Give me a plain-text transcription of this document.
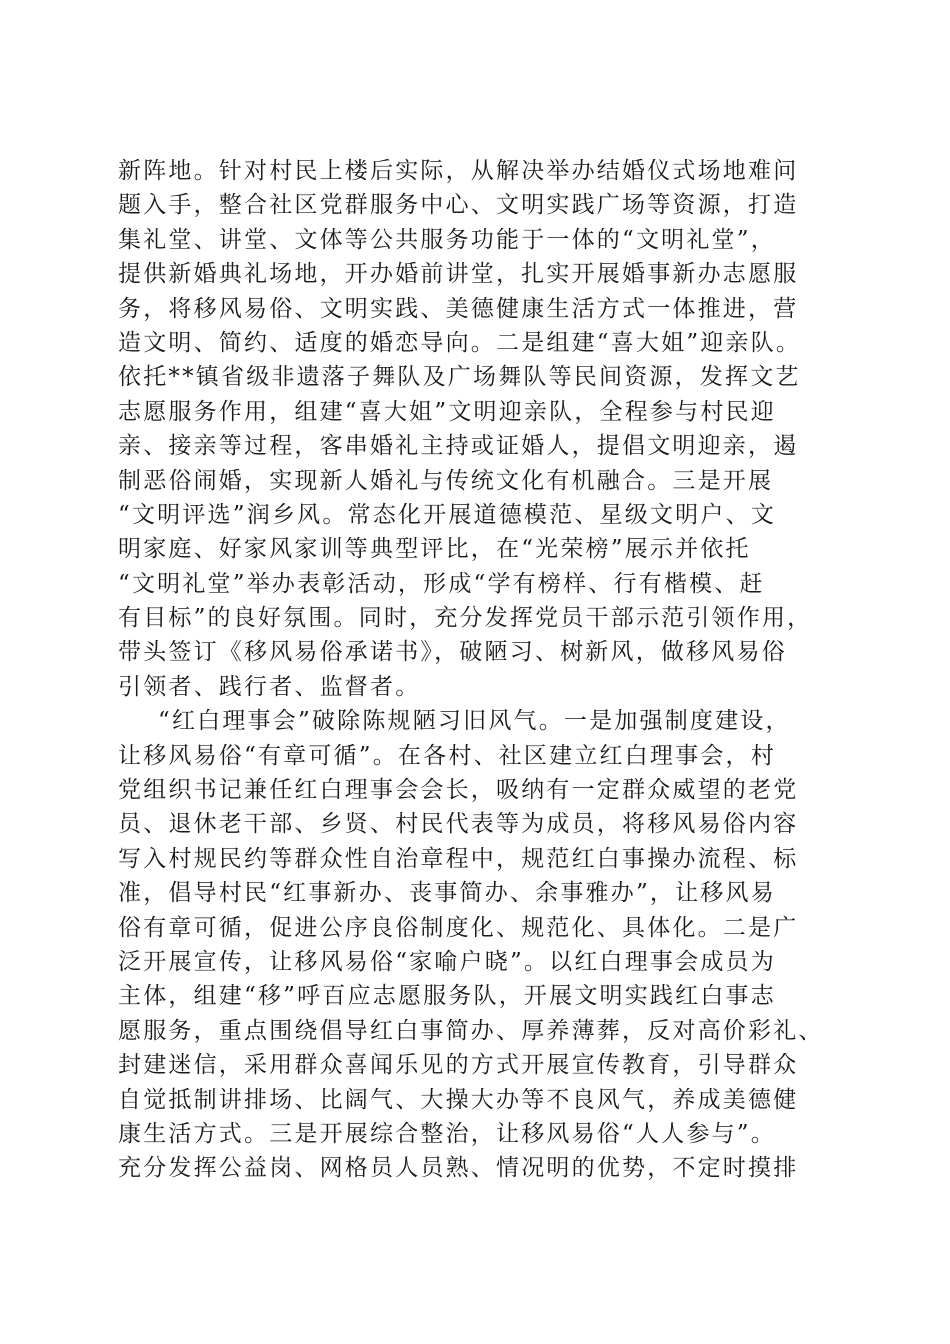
新阵地。针对村民上楼后实际，从解决举办结婚仪式场地难问
题入手，整合社区党群服务中心、文明实践广场等资源，打造
集礼堂、讲堂、文体等公共服务功能于一体的“文明礼堂”，
提供新婚典礼场地，开办婚前讲堂，扎实开展婚事新办志愿服
务，将移风易俗、文明实践、美德健康生活方式一体推进，营
造文明、简约、适度的婚恋导向。二是组建“喜大姐”迎亲队。
依托**镇省级非遗落子舞队及广场舞队等民间资源，发挥文艺
志愿服务作用，组建“喜大姐”文明迎亲队，全程参与村民迎
亲、接亲等过程，客串婚礼主持或证婚人，提倡文明迎亲，遏
制恶俗闹婚，实现新人婚礼与传统文化有机融合。三是开展
“文明评选”润乡风。常态化开展道德模范、星级文明户、文
明家庭、好家风家训等典型评比，在“光荣榜”展示并依托
“文明礼堂”举办表彰活动，形成“学有榜样、行有楷模、赶
有目标”的良好氛围。同时，充分发挥党员干部示范引领作用，
带头签订《移风易俗承诺书》，破陋习、树新风，做移风易俗
引领者、践行者、监督者。
“红白理事会”破除陈规陋习旧风气。一是加强制度建设，
让移风易俗“有章可循”。在各村、社区建立红白理事会，村
党组织书记兼任红白理事会会长，吸纳有一定群众威望的老党
员、退休老干部、乡贤、村民代表等为成员，将移风易俗内容
写入村规民约等群众性自治章程中，规范红白事操办流程、标
准，倡导村民“红事新办、丧事简办、余事雅办”，让移风易
俗有章可循，促进公序良俗制度化、规范化、具体化。二是广
泛开展宣传，让移风易俗“家喻户晓”。以红白理事会成员为
主体，组建“移”呼百应志愿服务队，开展文明实践红白事志
愿服务，重点围绕倡导红白事简办、厚养薄葬，反对高价彩礼、
封建迷信，采用群众喜闻乐见的方式开展宣传教育，引导群众
自觉抵制讲排场、比阔气、大操大办等不良风气，养成美德健
康生活方式。三是开展综合整治，让移风易俗“人人参与”。
充分发挥公益岗、网格员人员熟、情况明的优势，不定时摸排
